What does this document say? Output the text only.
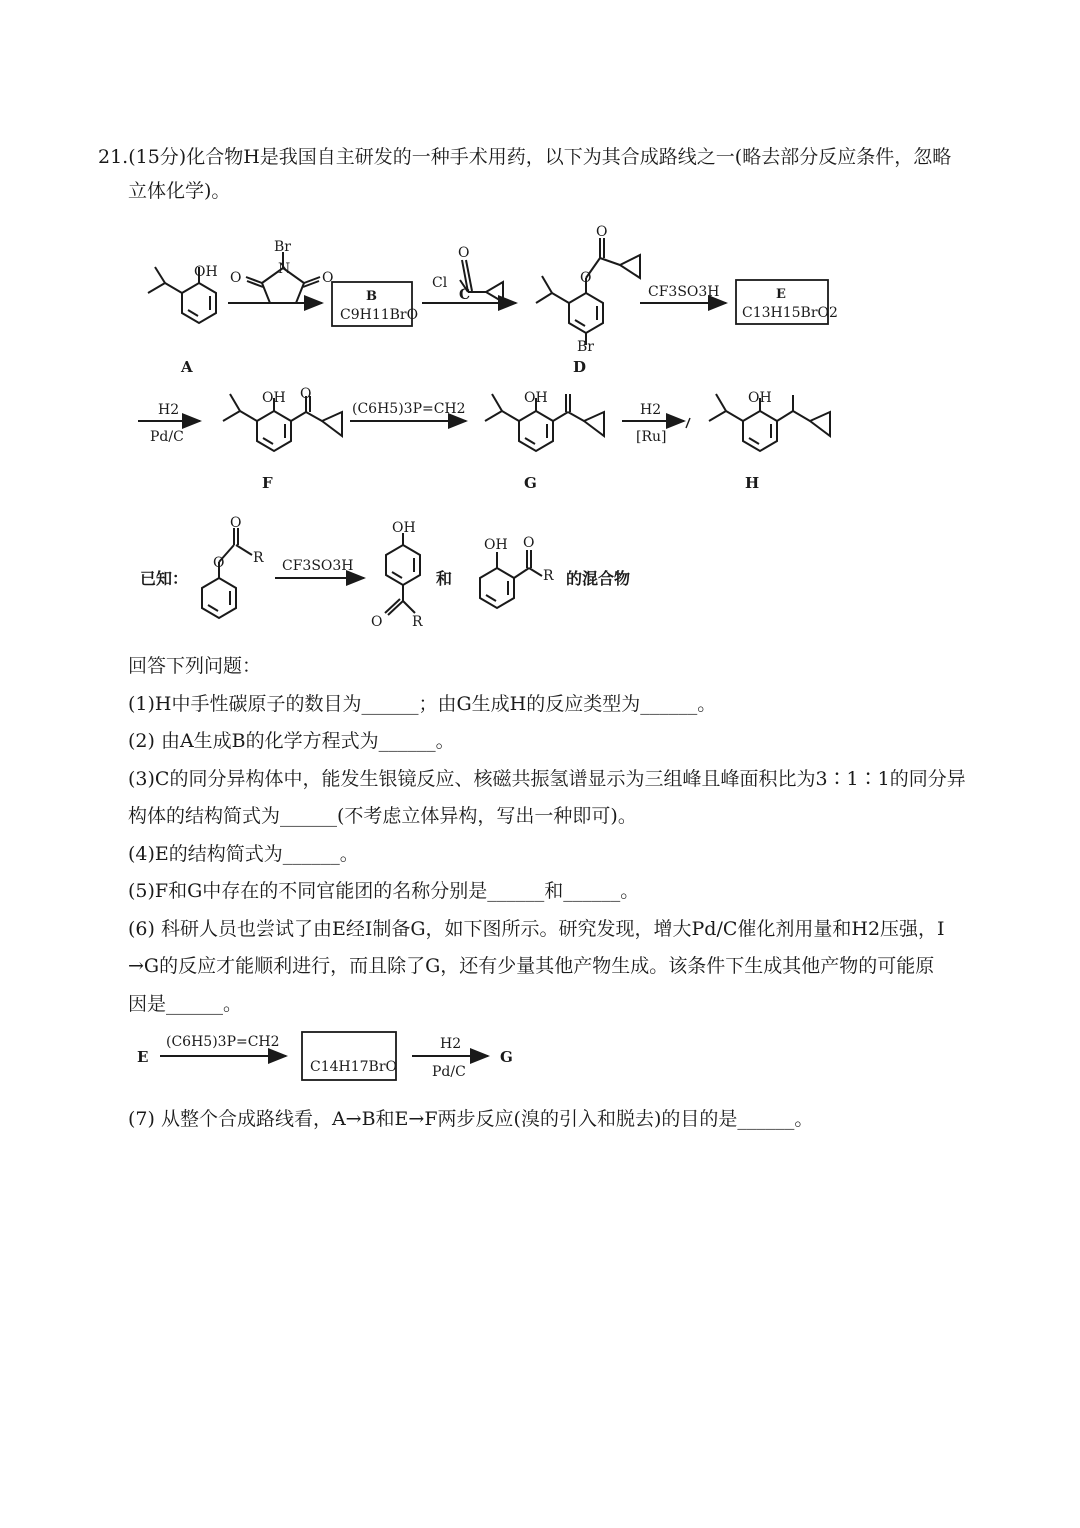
21.(15分)化合物H是我国自主研发的一种手术用药，以下为其合成路线之一(略去部分反应条件，忽略
立体化学)。
OH
A
Br
N
O	O
B
C9H11BrO
O
Cl
C
O
O
Br
D
CF3SO3H	E
C13H15BrO2
H2
Pd/C
OH O
F
(C6H5)3P=CH2
OH
G
H2
[Ru]
OH
H
已知：
O
O
R CF3SO3H
OH
O R
和
OH O
R 的混合物
E
(C6H5)3P=CH2
C14H17BrO
H2
Pd/C
G

回答下列问题：

(1)H中手性碳原子的数目为______；由G生成H的反应类型为______。

(2) 由A生成B的化学方程式为______。

(3)C的同分异构体中，能发生银镜反应、核磁共振氢谱显示为三组峰且峰面积比为3∶1∶1的同分异

构体的结构简式为______(不考虑立体异构，写出一种即可)。

(4)E的结构简式为______。

(5)F和G中存在的不同官能团的名称分别是______和______。

(6) 科研人员也尝试了由E经I制备G，如下图所示。研究发现，增大Pd/C催化剂用量和H2压强，I

→G的反应才能顺利进行，而且除了G，还有少量其他产物生成。该条件下生成其他产物的可能原

因是______。

(7) 从整个合成路线看，A→B和E→F两步反应(溴的引入和脱去)的目的是______。
